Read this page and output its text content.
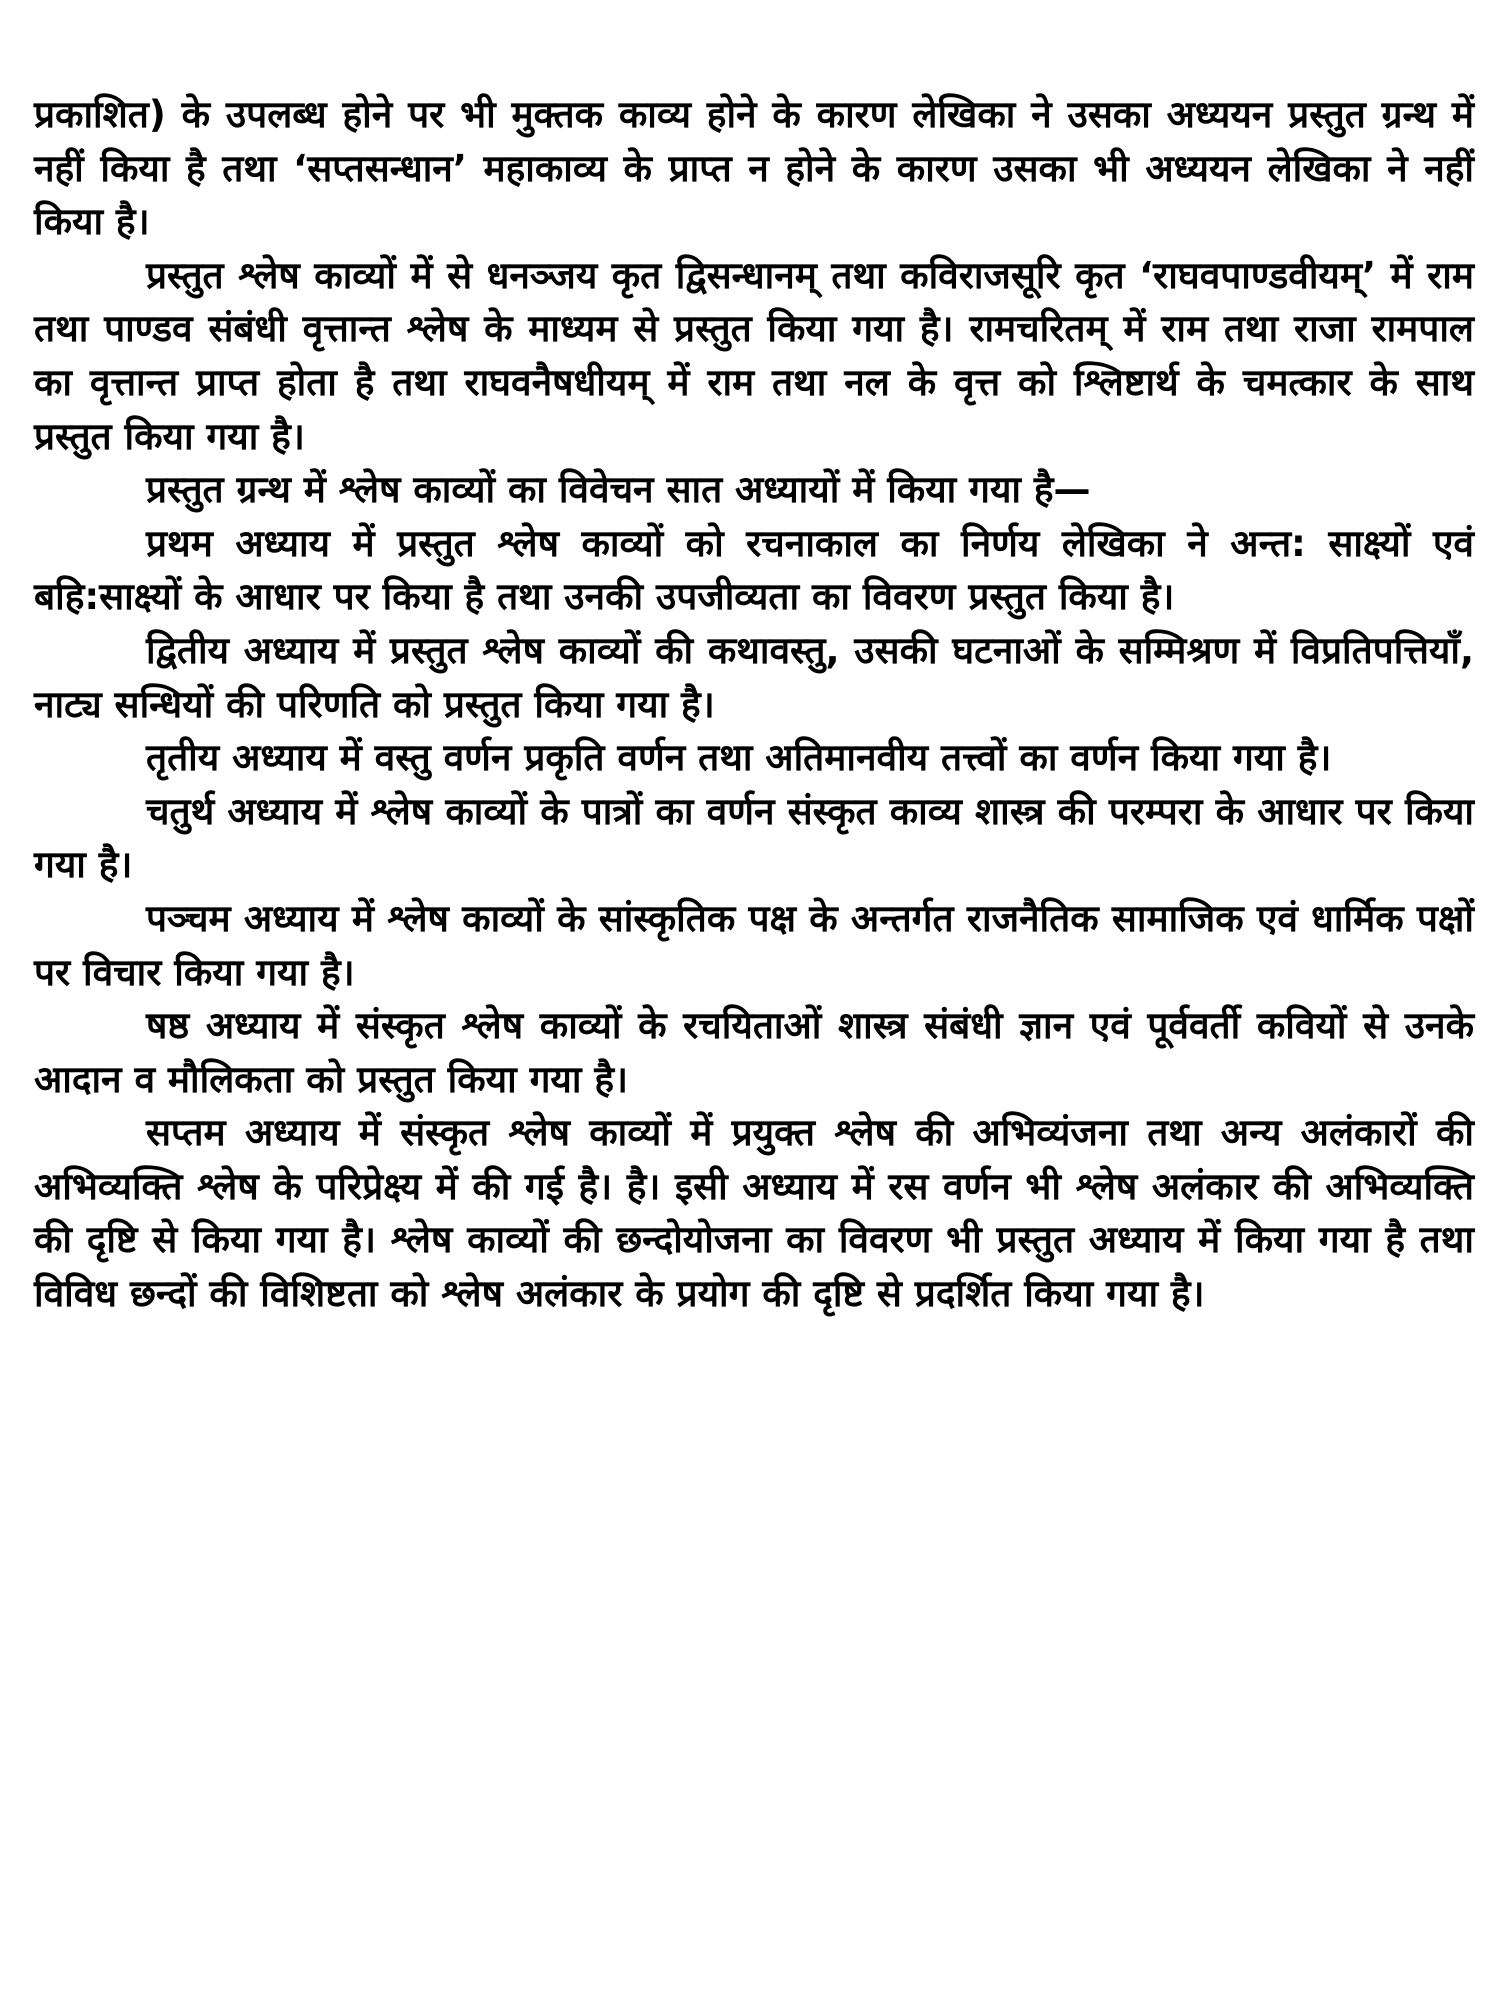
प्रकाशित) के उपलब्ध होने पर भी मुक्तक काव्य होने के कारण लेखिका ने उसका अध्ययन प्रस्तुत ग्रन्थ में नहीं किया है तथा ‘सप्तसन्धान’ महाकाव्य के प्राप्त न होने के कारण उसका भी अध्ययन लेखिका ने नहीं किया है।

प्रस्तुत श्लेष काव्यों में से धनञ्जय कृत द्विसन्धानम् तथा कविराजसूरि कृत ‘राघवपाण्डवीयम्’ में राम तथा पाण्डव संबंधी वृत्तान्त श्लेष के माध्यम से प्रस्तुत किया गया है। रामचरितम् में राम तथा राजा रामपाल का वृत्तान्त प्राप्त होता है तथा राघवनैषधीयम् में राम तथा नल के वृत्त को श्लिष्टार्थ के चमत्कार के साथ प्रस्तुत किया गया है।

प्रस्तुत ग्रन्थ में श्लेष काव्यों का विवेचन सात अध्यायों में किया गया है—

प्रथम अध्याय में प्रस्तुत श्लेष काव्यों को रचनाकाल का निर्णय लेखिका ने अन्त: साक्ष्यों एवं बहि:साक्ष्यों के आधार पर किया है तथा उनकी उपजीव्यता का विवरण प्रस्तुत किया है।

द्वितीय अध्याय में प्रस्तुत श्लेष काव्यों की कथावस्तु, उसकी घटनाओं के सम्मिश्रण में विप्रतिपत्तियाँ, नाट्य सन्धियों की परिणति को प्रस्तुत किया गया है।

तृतीय अध्याय में वस्तु वर्णन प्रकृति वर्णन तथा अतिमानवीय तत्त्वों का वर्णन किया गया है।

चतुर्थ अध्याय में श्लेष काव्यों के पात्रों का वर्णन संस्कृत काव्य शास्त्र की परम्परा के आधार पर किया गया है।

पञ्चम अध्याय में श्लेष काव्यों के सांस्कृतिक पक्ष के अन्तर्गत राजनैतिक सामाजिक एवं धार्मिक पक्षों पर विचार किया गया है।

षष्ठ अध्याय में संस्कृत श्लेष काव्यों के रचयिताओं शास्त्र संबंधी ज्ञान एवं पूर्ववर्ती कवियों से उनके आदान व मौलिकता को प्रस्तुत किया गया है।

सप्तम अध्याय में संस्कृत श्लेष काव्यों में प्रयुक्त श्लेष की अभिव्यंजना तथा अन्य अलंकारों की अभिव्यक्ति श्लेष के परिप्रेक्ष्य में की गई है। है। इसी अध्याय में रस वर्णन भी श्लेष अलंकार की अभिव्यक्ति की दृष्टि से किया गया है। श्लेष काव्यों की छन्दोयोजना का विवरण भी प्रस्तुत अध्याय में किया गया है तथा विविध छन्दों की विशिष्टता को श्लेष अलंकार के प्रयोग की दृष्टि से प्रदर्शित किया गया है।
